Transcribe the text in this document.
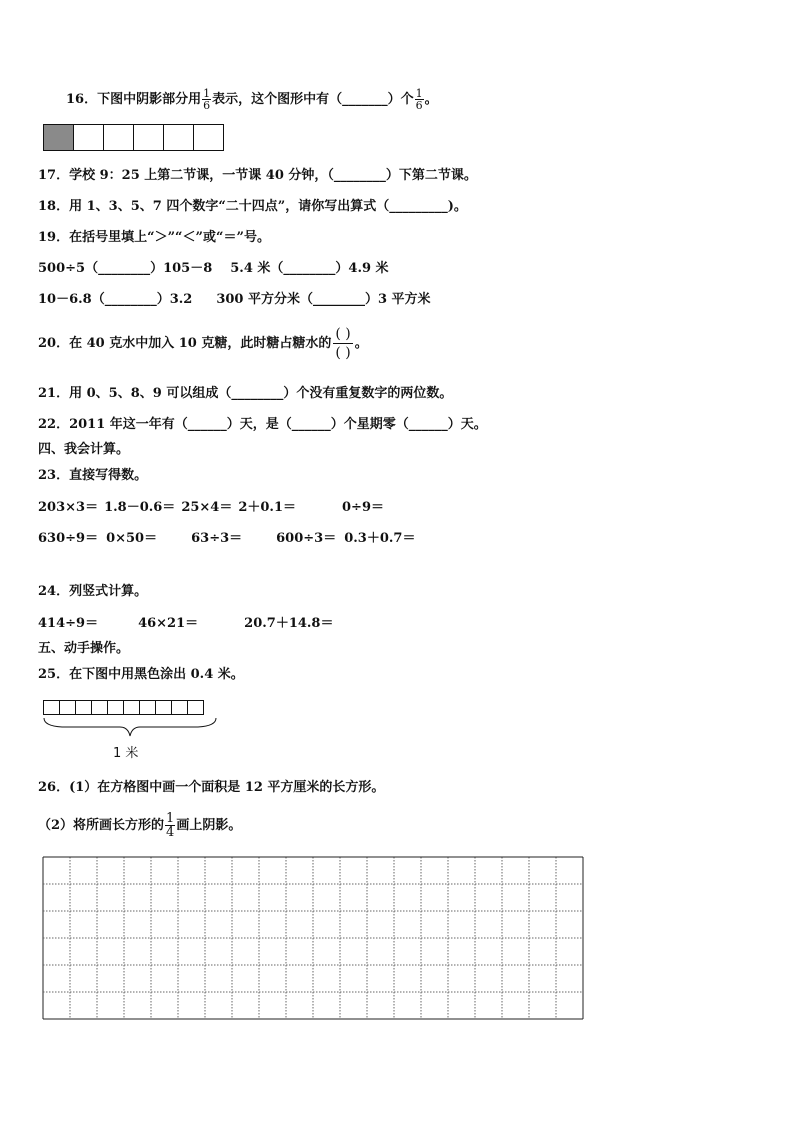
16．下图中阴影部分用 $\frac{1}{6}$ 表示，这个图形中有（_______）个 $\frac{1}{6}$ 。
17．学校 9：25 上第二节课，一节课 40 分钟，（________）下第二节课。
18．用 1、3、5、7 四个数字“二十四点”，请你写出算式（_________)。
19．在括号里填上“＞”“＜”或“＝”号。
500÷5（________）105－8 5.4 米（________）4.9 米
10－6.8（________）3.2 300 平方分米（________）3 平方米
20．在 40 克水中加入 10 克糖，此时糖占糖水的
( )
( )
。
21．用 0、5、8、9 可以组成（________）个没有重复数字的两位数。
22．2011 年这一年有（______）天，是（______）个星期零（______）天。
四、我会计算。
23．直接写得数。
203×3＝ 1.8－0.6＝ 25×4＝ 2＋0.1＝	0÷9＝
630÷9＝ 0×50＝	63÷3＝	600÷3＝ 0.3＋0.7＝
24．列竖式计算。
414÷9＝	46×21＝	20.7＋14.8＝
五、动手操作。
25．在下图中用黑色涂出 0.4 米。
1 米
26．(1）在方格图中画一个面积是 12 平方厘米的长方形。
（2）将所画长方形的 $\frac{1}{4}$ 画上阴影。
